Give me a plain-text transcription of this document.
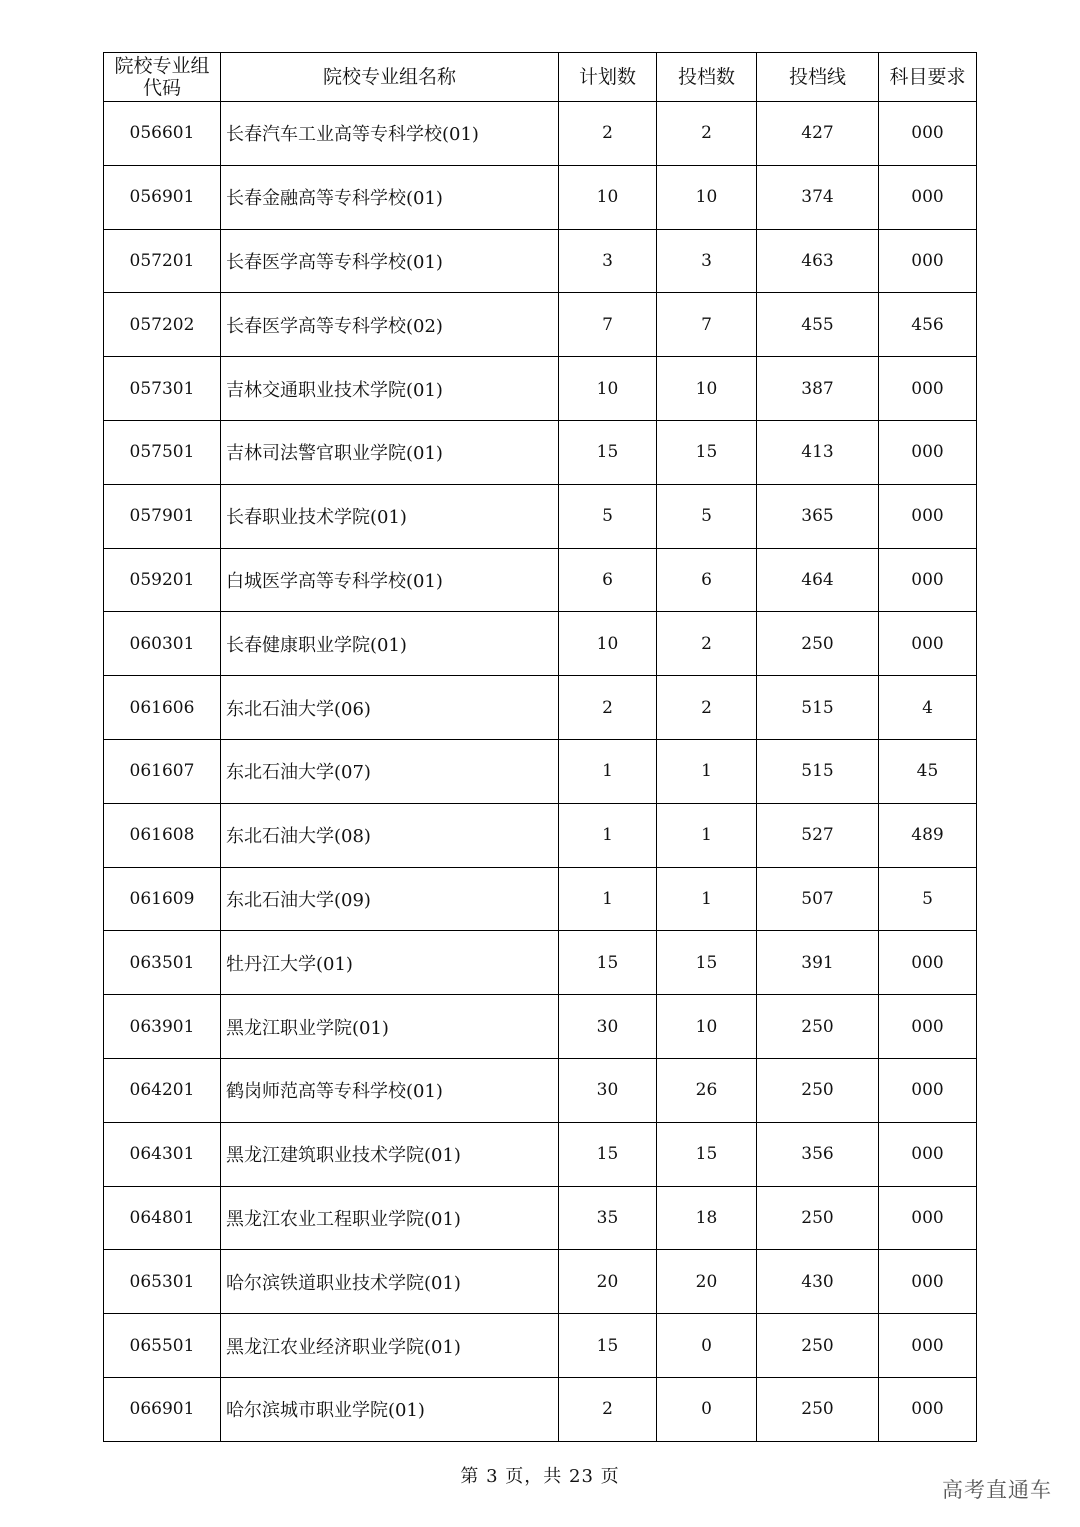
院校专业组
代码	院校专业组名称	计划数	投档数	投档线	科目要求
056601	长春汽车工业高等专科学校(01)	2	2	427	000
056901	长春金融高等专科学校(01)	10	10	374	000
057201	长春医学高等专科学校(01)	3	3	463	000
057202	长春医学高等专科学校(02)	7	7	455	456
057301	吉林交通职业技术学院(01)	10	10	387	000
057501	吉林司法警官职业学院(01)	15	15	413	000
057901	长春职业技术学院(01)	5	5	365	000
059201	白城医学高等专科学校(01)	6	6	464	000
060301	长春健康职业学院(01)	10	2	250	000
061606	东北石油大学(06)	2	2	515	4
061607	东北石油大学(07)	1	1	515	45
061608	东北石油大学(08)	1	1	527	489
061609	东北石油大学(09)	1	1	507	5
063501	牡丹江大学(01)	15	15	391	000
063901	黑龙江职业学院(01)	30	10	250	000
064201	鹤岗师范高等专科学校(01)	30	26	250	000
064301	黑龙江建筑职业技术学院(01)	15	15	356	000
064801	黑龙江农业工程职业学院(01)	35	18	250	000
065301	哈尔滨铁道职业技术学院(01)	20	20	430	000
065501	黑龙江农业经济职业学院(01)	15	0	250	000
066901	哈尔滨城市职业学院(01)	2	0	250	000
第 3 页，共 23 页
高考直通车
